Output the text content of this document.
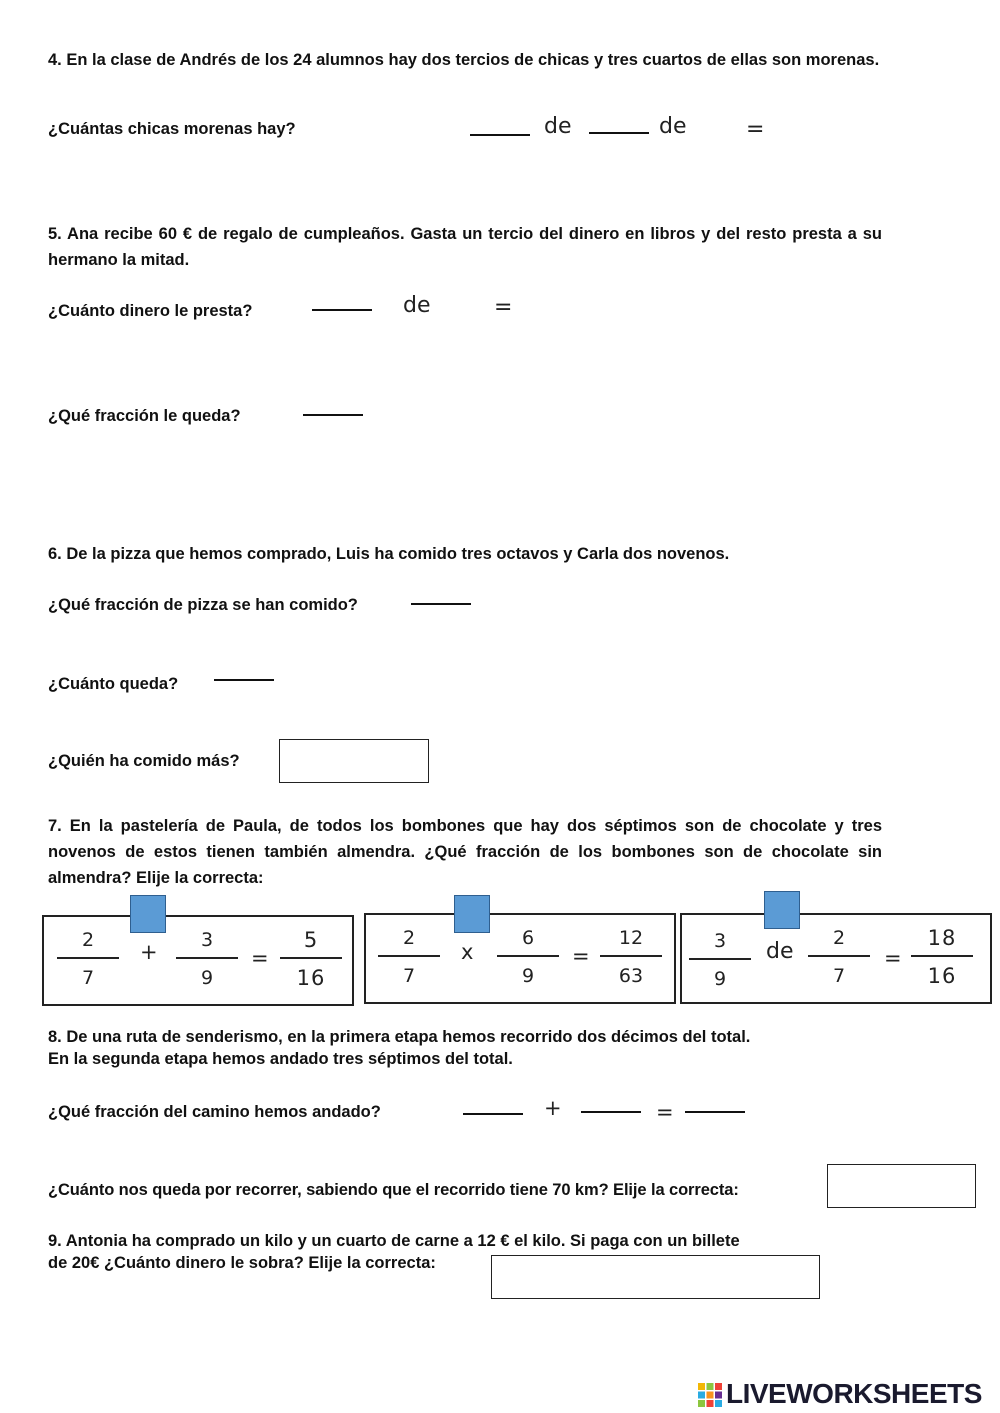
4. En la clase de Andrés de los 24 alumnos hay dos tercios de chicas y tres cuartos de ellas son morenas.
¿Cuántas chicas morenas hay?	de	de	=
5. Ana recibe 60 € de regalo de cumpleaños. Gasta un tercio del dinero en libros y del resto presta a su hermano la mitad.
¿Cuánto dinero le presta?	de	=
¿Qué fracción le queda?
6. De la pizza que hemos comprado, Luis ha comido tres octavos y Carla dos novenos.
¿Qué fracción de pizza se han comido?
¿Cuánto queda?
¿Quién ha comido más?
7. En la pastelería de Paula, de todos los bombones que hay dos séptimos son de chocolate y tres novenos de estos tienen también almendra. ¿Qué fracción de los bombones son de chocolate sin almendra? Elije la correcta:
2
7
+	3
9
=
5
16
2
7
x
6
9
=
12
63
3
9
de
2
7
=
18
16
8. De una ruta de senderismo, en la primera etapa hemos recorrido dos décimos del total.
En la segunda etapa hemos andado tres séptimos del total.
¿Qué fracción del camino hemos andado?	+	=
¿Cuánto nos queda por recorrer, sabiendo que el recorrido tiene 70 km? Elije la correcta:
9. Antonia ha comprado un kilo y un cuarto de carne a 12 € el kilo. Si paga con un billete
de 20€ ¿Cuánto dinero le sobra? Elije la correcta:
LIVEWORKSHEETS
